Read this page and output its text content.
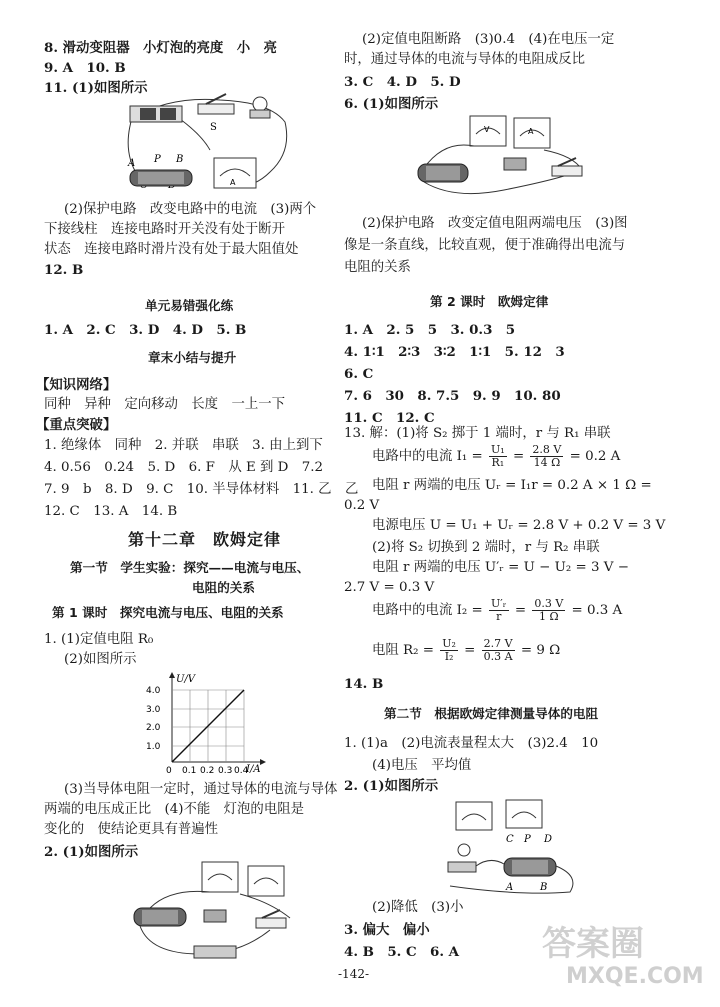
8. 滑动变阻器　小灯泡的亮度　小　亮
9. A　10. B
11. (1)如图所示
S
A P B
A
(2)保护电路　改变电路中的电流　(3)两个
下接线柱　连接电路时开关没有处于断开
状态　连接电路时滑片没有处于最大阻值处
12. B
单元易错强化练
1. A　2. C　3. D　4. D　5. B
章末小结与提升
【知识网络】
同种　异种　定向移动　长度　一上一下
【重点突破】
1. 绝缘体　同种　2. 并联　串联　3. 由上到下
4. 0.56　0.24　5. D　6. F　从 E 到 D　7.2
7. 9　b　8. D　9. C　10. 半导体材料　11. 乙　乙
12. C　13. A　14. B
第十二章　欧姆定律
第一节　学生实验：探究——电流与电压、
电阻的关系
第 1 课时　探究电流与电压、电阻的关系
1. (1)定值电阻 R₀
(2)如图所示
U/V
I/A
4.0
3.0
2.0
1.0
0 0.1 0.2 0.3 0.4
(3)当导体电阻一定时，通过导体的电流与导体
两端的电压成正比　(4)不能　灯泡的电阻是
变化的　使结论更具有普遍性
2. (1)如图所示
(2)定值电阻断路　(3)0.4　(4)在电压一定
时，通过导体的电流与导体的电阻成反比
3. C　4. D　5. D
6. (1)如图所示
V	A
(2)保护电路　改变定值电阻两端电压　(3)图
像是一条直线，比较直观，便于准确得出电流与
电阻的关系
第 2 课时　欧姆定律
1. A　2. 5　5　3. 0.3　5
4. 1∶1　2∶3　3∶2　1∶1　5. 12　3
6. C
7. 6　30　8. 7.5　9. 9　10. 80
11. C　12. C
13. 解：(1)将 S₂ 掷于 1 端时，r 与 R₁ 串联
电路中的电流 $I_1 = \frac{\text{U₁}}{\text{R₁}} = \frac{2.8 V}{14 \Omega} = 0.2$ A
电阻 r 两端的电压 Uᵣ = I₁r = 0.2 A × 1 Ω =
0.2 V
电源电压 U = U₁ + Uᵣ = 2.8 V + 0.2 V = 3 V
(2)将 S₂ 切换到 2 端时，r 与 R₂ 串联
电阻 r 两端的电压 U′ᵣ = U − U₂ = 3 V −
2.7 V = 0.3 V
电路中的电流 $I_2 = \frac{\text{U′ᵣ}}{r} = \frac{0.3 V}{1 \Omega} = 0.3$ A
电阻 $R_2 = \frac{\text{U₂}}{\text{I₂}} = \frac{2.7 V}{0.3 A} = 9$ Ω
14. B
第二节　根据欧姆定律测量导体的电阻
1. (1)a　(2)电流表量程太大　(3)2.4　10
(4)电压　平均值
2. (1)如图所示
C P D
A	B
(2)降低　(3)小
3. 偏大　偏小
4. B　5. C　6. A
-142-
答案圈
MXQE.COM
